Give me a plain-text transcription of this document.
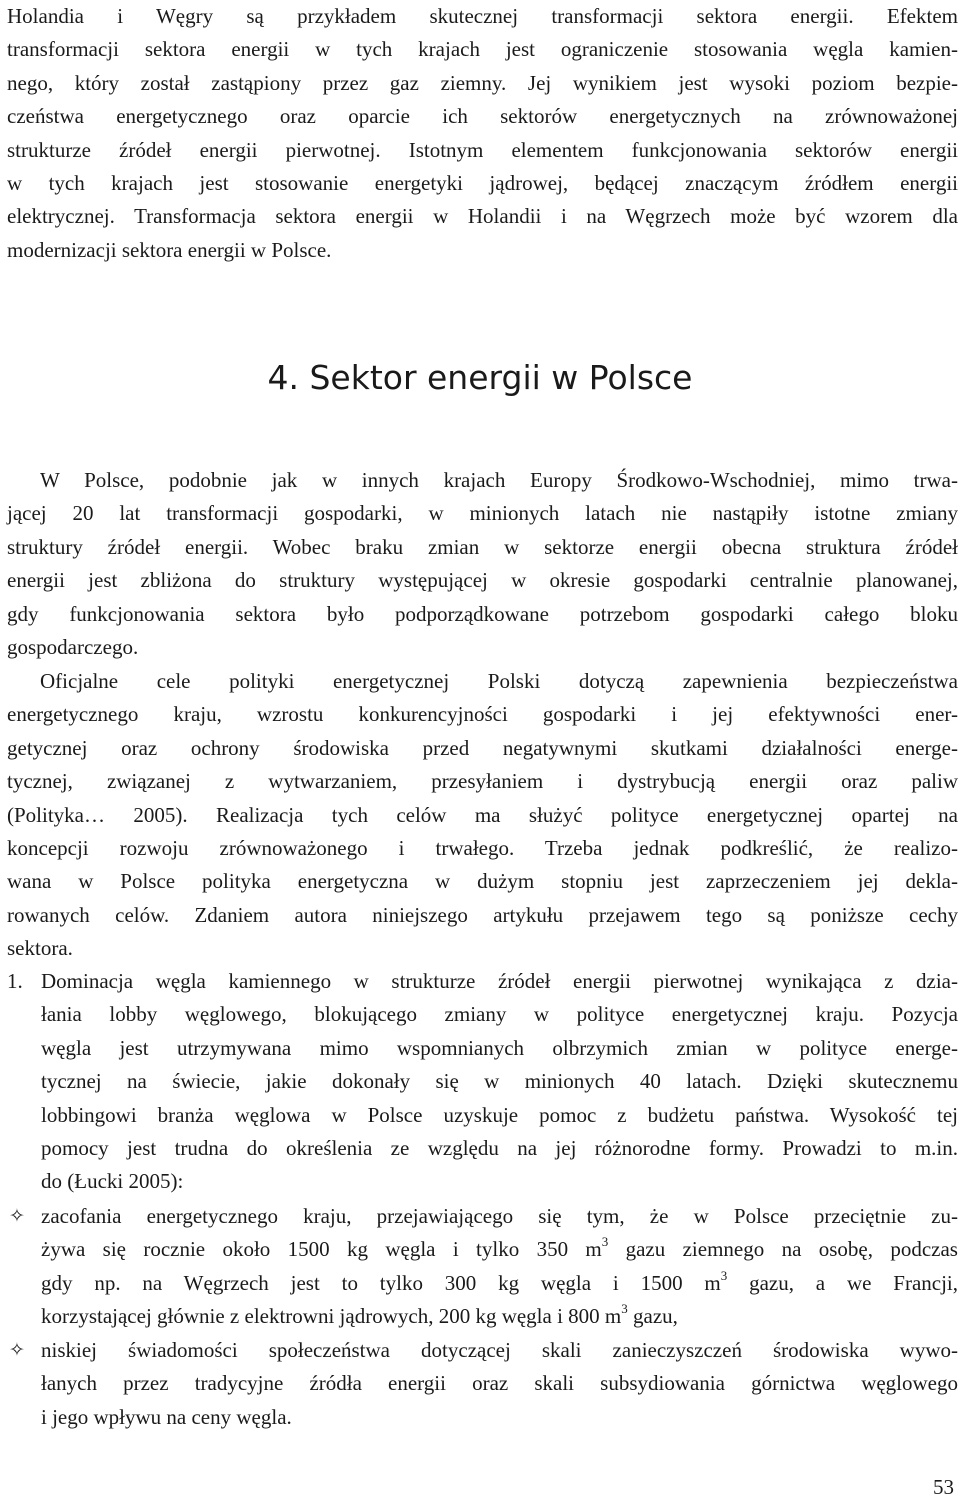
Holandia i Węgry są przykładem skutecznej transformacji sektora energii. Efektem
transformacji sektora energii w tych krajach jest ograniczenie stosowania węgla kamien-
nego, który został zastąpiony przez gaz ziemny. Jej wynikiem jest wysoki poziom bezpie-
czeństwa energetycznego oraz oparcie ich sektorów energetycznych na zrównoważonej
strukturze źródeł energii pierwotnej. Istotnym elementem funkcjonowania sektorów energii
w tych krajach jest stosowanie energetyki jądrowej, będącej znaczącym źródłem energii
elektrycznej. Transformacja sektora energii w Holandii i na Węgrzech może być wzorem dla
modernizacji sektora energii w Polsce.
4. Sektor energii w Polsce
W Polsce, podobnie jak w innych krajach Europy Środkowo-Wschodniej, mimo trwa-
jącej 20 lat transformacji gospodarki, w minionych latach nie nastąpiły istotne zmiany
struktury źródeł energii. Wobec braku zmian w sektorze energii obecna struktura źródeł
energii jest zbliżona do struktury występującej w okresie gospodarki centralnie planowanej,
gdy funkcjonowania sektora było podporządkowane potrzebom gospodarki całego bloku
gospodarczego.
Oficjalne cele polityki energetycznej Polski dotyczą zapewnienia bezpieczeństwa
energetycznego kraju, wzrostu konkurencyjności gospodarki i jej efektywności ener-
getycznej oraz ochrony środowiska przed negatywnymi skutkami działalności energe-
tycznej, związanej z wytwarzaniem, przesyłaniem i dystrybucją energii oraz paliw
(Polityka… 2005). Realizacja tych celów ma służyć polityce energetycznej opartej na
koncepcji rozwoju zrównoważonego i trwałego. Trzeba jednak podkreślić, że realizo-
wana w Polsce polityka energetyczna w dużym stopniu jest zaprzeczeniem jej dekla-
rowanych celów. Zdaniem autora niniejszego artykułu przejawem tego są poniższe cechy
sektora.
1. Dominacja węgla kamiennego w strukturze źródeł energii pierwotnej wynikająca z dzia-
łania lobby węglowego, blokującego zmiany w polityce energetycznej kraju. Pozycja
węgla jest utrzymywana mimo wspomnianych olbrzymich zmian w polityce energe-
tycznej na świecie, jakie dokonały się w minionych 40 latach. Dzięki skutecznemu
lobbingowi branża węglowa w Polsce uzyskuje pomoc z budżetu państwa. Wysokość tej
pomocy jest trudna do określenia ze względu na jej różnorodne formy. Prowadzi to m.in.
do (Łucki 2005):
✧ zacofania energetycznego kraju, przejawiającego się tym, że w Polsce przeciętnie zu-
żywa się rocznie około 1500 kg węgla i tylko 350 $m^3$ gazu ziemnego na osobę, podczas
gdy np. na Węgrzech jest to tylko 300 kg węgla i 1500 $m^3$ gazu, a we Francji,
korzystającej głównie z elektrowni jądrowych, 200 kg węgla i 800 $m^3$ gazu,
✧ niskiej świadomości społeczeństwa dotyczącej skali zanieczyszczeń środowiska wywo-
łanych przez tradycyjne źródła energii oraz skali subsydiowania górnictwa węglowego
i jego wpływu na ceny węgla.
53
